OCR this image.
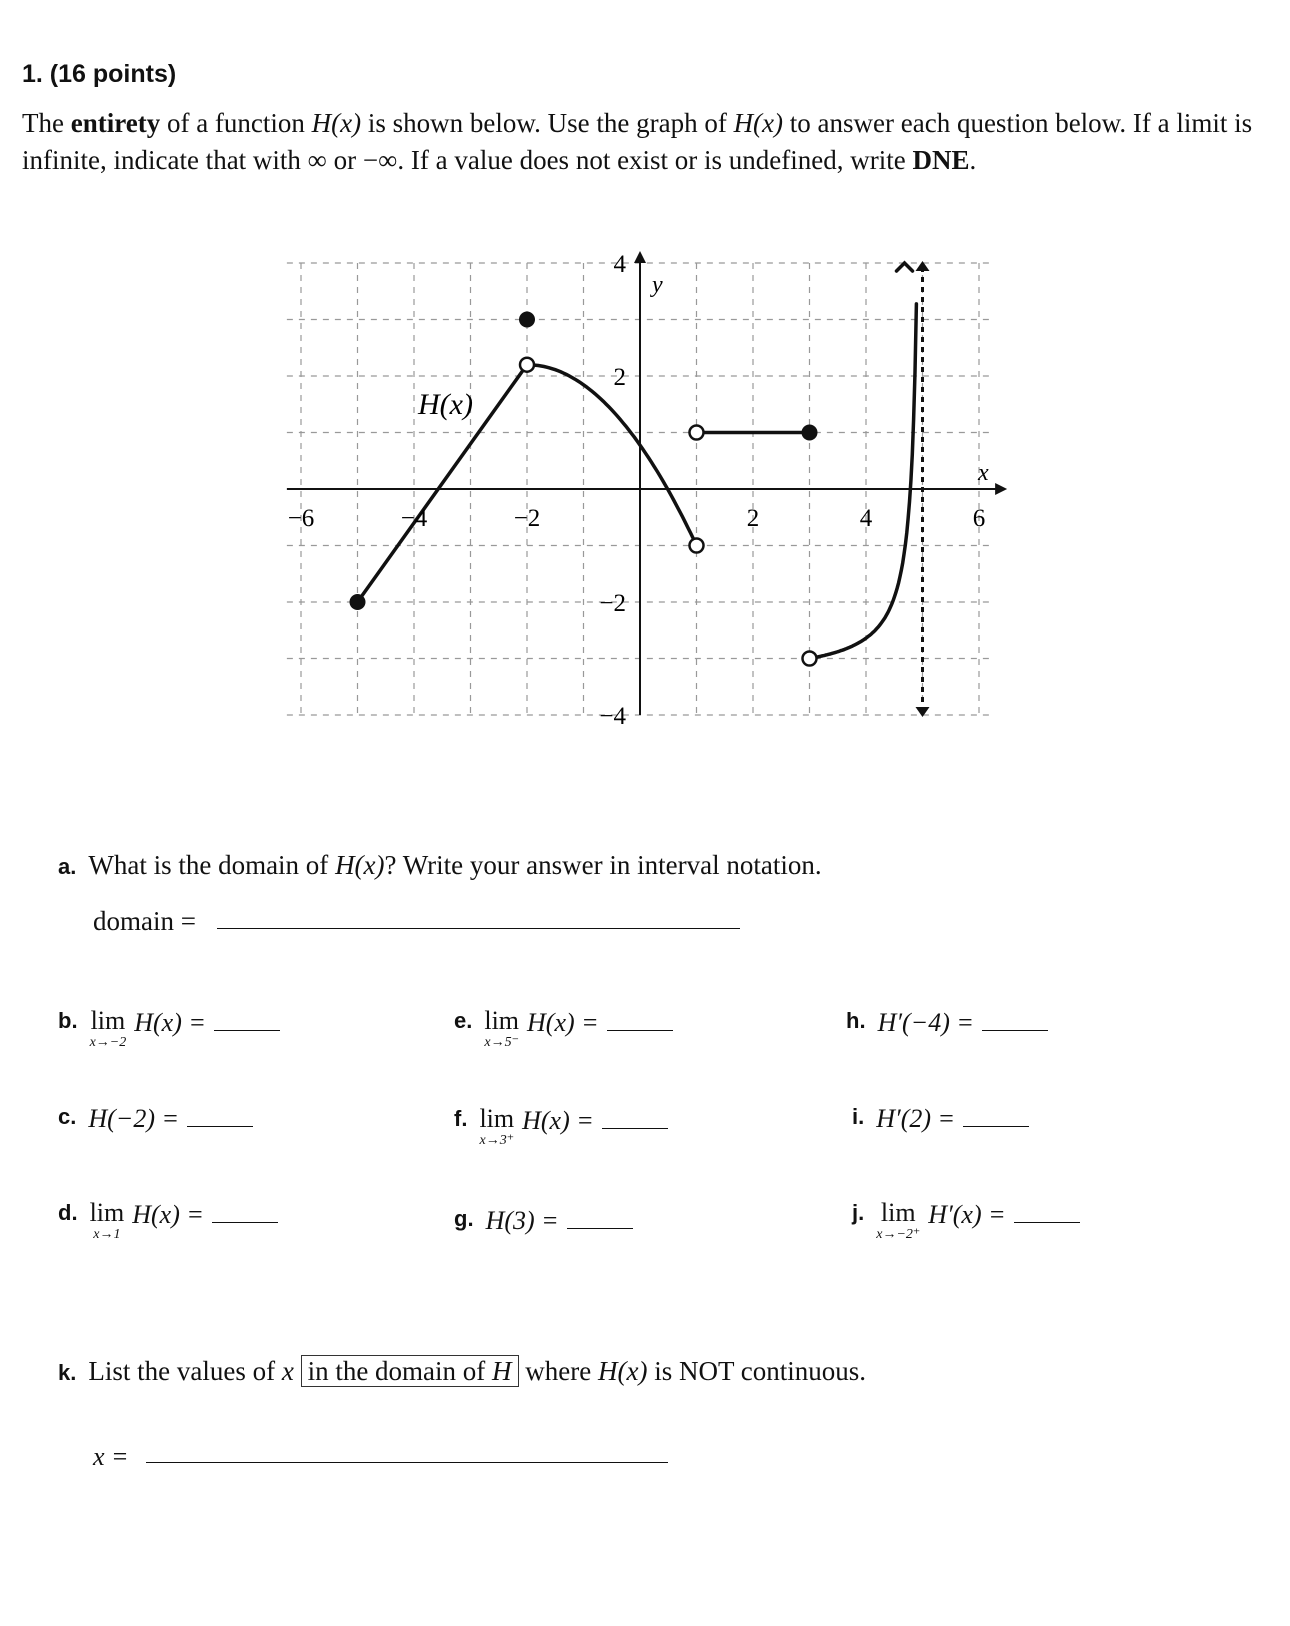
1. (16 points)
The entirety of a function H(x) is shown below. Use the graph of H(x) to answer each question below. If a limit is infinite, indicate that with ∞ or −∞. If a value does not exist or is undefined, write DNE.
−6	−4	−2	2	4	6
4
2
−2
−4
H(x)
x
y
a. What is the domain of H(x)? Write your answer in interval notation.
domain =
b. lim
x→−2
H(x) =	e. lim
x→5⁻
H(x) =	h. H′(−4) =
c. H(−2) =	f. lim
x→3⁺
H(x) =	i. H′(2) =
d. lim
x→1
H(x) =	g. H(3) =	j. lim
x→−2⁺
H′(x) =
k. List the values of x in the domain of H where H(x) is NOT continuous.
x =
